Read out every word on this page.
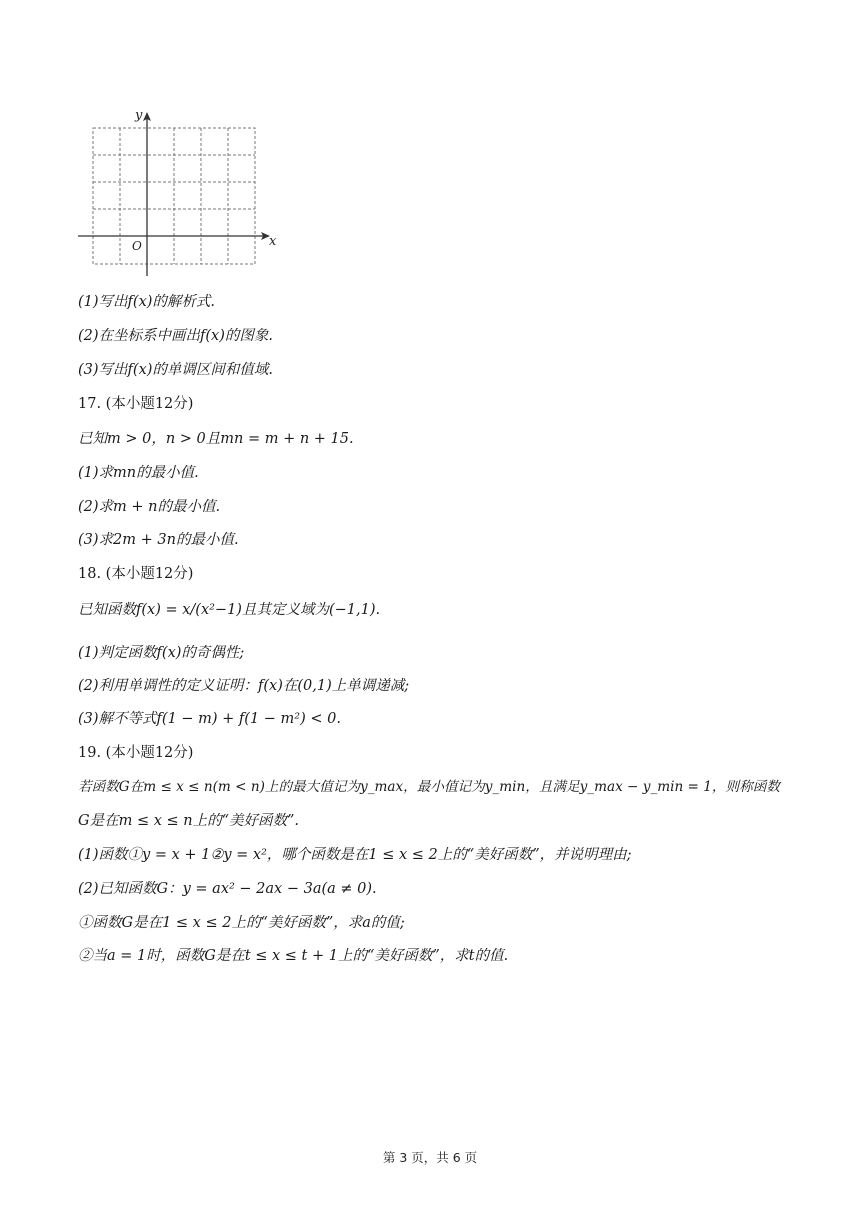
y
x
O
(1)写出f(x)的解析式.
(2)在坐标系中画出f(x)的图象.
(3)写出f(x)的单调区间和值域.
17. (本小题12分)
已知m > 0，n > 0且mn = m + n + 15.
(1)求mn的最小值.
(2)求m + n的最小值.
(3)求2m + 3n的最小值.
18. (本小题12分)
已知函数f(x) = x/(x²−1)且其定义域为(−1,1).
(1)判定函数f(x)的奇偶性;
(2)利用单调性的定义证明：f(x)在(0,1)上单调递减;
(3)解不等式f(1 − m) + f(1 − m²) < 0.
19. (本小题12分)
若函数G在m ≤ x ≤ n(m < n)上的最大值记为y_max，最小值记为y_min，且满足y_max − y_min = 1，则称函数
G是在m ≤ x ≤ n上的“美好函数”.
(1)函数①y = x + 1②y = x²，哪个函数是在1 ≤ x ≤ 2上的“美好函数”，并说明理由;
(2)已知函数G：y = ax² − 2ax − 3a(a ≠ 0).
①函数G是在1 ≤ x ≤ 2上的“美好函数”，求a的值;
②当a = 1时，函数G是在t ≤ x ≤ t + 1上的“美好函数”，求t的值.
第 3 页，共 6 页
